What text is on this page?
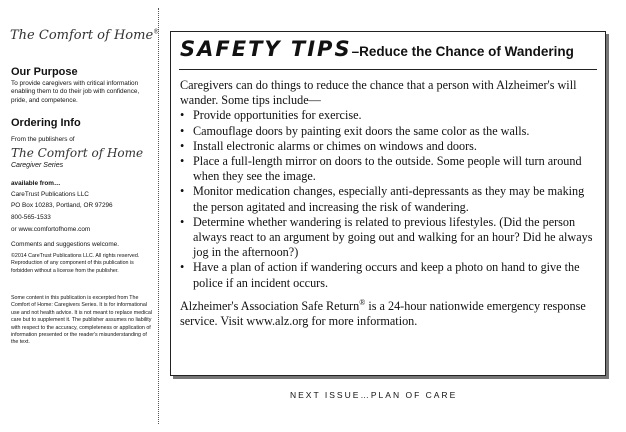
The Comfort of Home®
Our Purpose
To provide caregivers with critical information enabling them to do their job with confidence, pride, and competence.
Ordering Info
From the publishers of
The Comfort of Home
Caregiver Series
available from…
CareTrust Publications LLC
PO Box 10283, Portland, OR 97296
800-565-1533
or www.comfortofhome.com
Comments and suggestions welcome.
©2014 CareTrust Publications LLC. All rights reserved. Reproduction of any component of this publication is forbidden without a license from the publisher.
Some content in this publication is excerpted from The Comfort of Home: Caregivers Series. It is for informational use and not health advice. It is not meant to replace medical care but to supplement it. The publisher assumes no liability with respect to the accuracy, completeness or application of information presented or the reader's misunderstanding of the text.
SAFETY TIPS–Reduce the Chance of Wandering

Caregivers can do things to reduce the chance that a person with Alzheimer's will wander. Some tips include—

• Provide opportunities for exercise.
• Camouflage doors by painting exit doors the same color as the walls.
• Install electronic alarms or chimes on windows and doors.
• Place a full-length mirror on doors to the outside. Some people will turn around when they see the image.
• Monitor medication changes, especially anti-depressants as they may be making the person agitated and increasing the risk of wandering.
• Determine whether wandering is related to previous lifestyles. (Did the person always react to an argument by going out and walking for an hour? Did he always jog in the afternoon?)
• Have a plan of action if wandering occurs and keep a photo on hand to give the police if an incident occurs.

Alzheimer's Association Safe Return® is a 24-hour nationwide emergency response service. Visit www.alz.org for more information.

NEXT ISSUE…PLAN OF CARE
